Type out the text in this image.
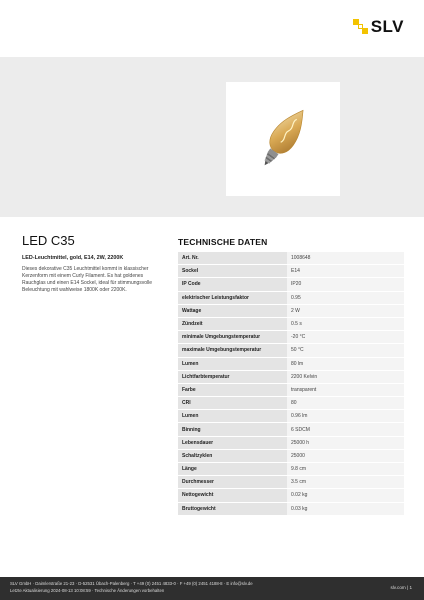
SLV
LED C35
LED-Leuchtmittel, gold, E14, 2W, 2200K
Dieses dekorative C35 Leuchtmittel kommt in klassischer Kerzenform mit einem Curly Filament. Es hat goldenes Rauchglas und einen E14 Sockel, ideal für stimmungsvolle Beleuchtung mit wahlweise 1800K oder 2200K.
TECHNISCHE DATEN
Art. Nr.	1008648
Sockel	E14
IP Code	IP20
elektrischer Leistungsfaktor	0.95
Wattage	2 W
Zündzeit	0.5 s
minimale Umgebungstemperatur	-20 °C
maximale Umgebungstemperatur	50 °C
Lumen	80 lm
Lichtfarbtemperatur	2200 Kelvin
Farbe	transparent
CRI	80
Lumen	0.96 lm
Binning	6 SDCM
Lebensdauer	25000 h
Schaltzyklen	25000
Länge	9.8 cm
Durchmesser	3.5 cm
Nettogewicht	0.02 kg
Bruttogewicht	0.03 kg
SLV GmbH · Daimlerstraße 21-23 · D-52531 Übach-Palenberg · T +49 (0) 2451 4833-0 · F +49 (0) 2451 4188-8 · E info@slv.de
Letzte Aktualisierung 2024-08-13 10:08:59 · Technische Änderungen vorbehalten
slv.com | 1
